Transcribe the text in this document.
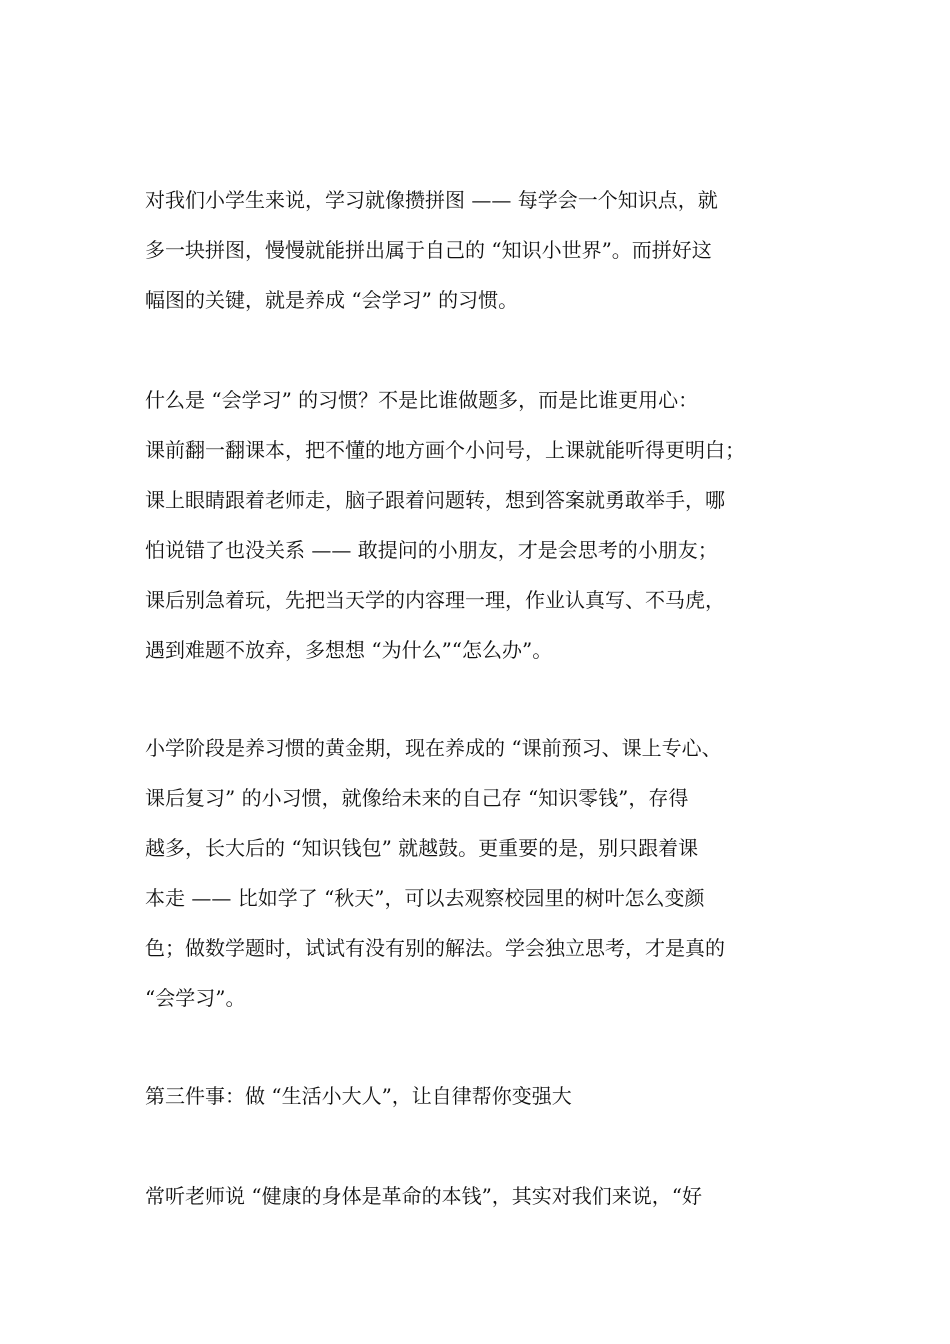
对我们小学生来说，学习就像攒拼图 —— 每学会一个知识点，就
多一块拼图，慢慢就能拼出属于自己的 “知识小世界”。而拼好这
幅图的关键，就是养成 “会学习” 的习惯。
什么是 “会学习” 的习惯？不是比谁做题多，而是比谁更用心：
课前翻一翻课本，把不懂的地方画个小问号，上课就能听得更明白；
课上眼睛跟着老师走，脑子跟着问题转，想到答案就勇敢举手，哪
怕说错了也没关系 —— 敢提问的小朋友，才是会思考的小朋友；
课后别急着玩，先把当天学的内容理一理，作业认真写、不马虎，
遇到难题不放弃，多想想 “为什么”“怎么办”。
小学阶段是养习惯的黄金期，现在养成的 “课前预习、课上专心、
课后复习” 的小习惯，就像给未来的自己存 “知识零钱”，存得
越多，长大后的 “知识钱包” 就越鼓。更重要的是，别只跟着课
本走 —— 比如学了 “秋天”，可以去观察校园里的树叶怎么变颜
色；做数学题时，试试有没有别的解法。学会独立思考，才是真的
“会学习”。
第三件事：做 “生活小大人”，让自律帮你变强大
常听老师说 “健康的身体是革命的本钱”，其实对我们来说，“好
